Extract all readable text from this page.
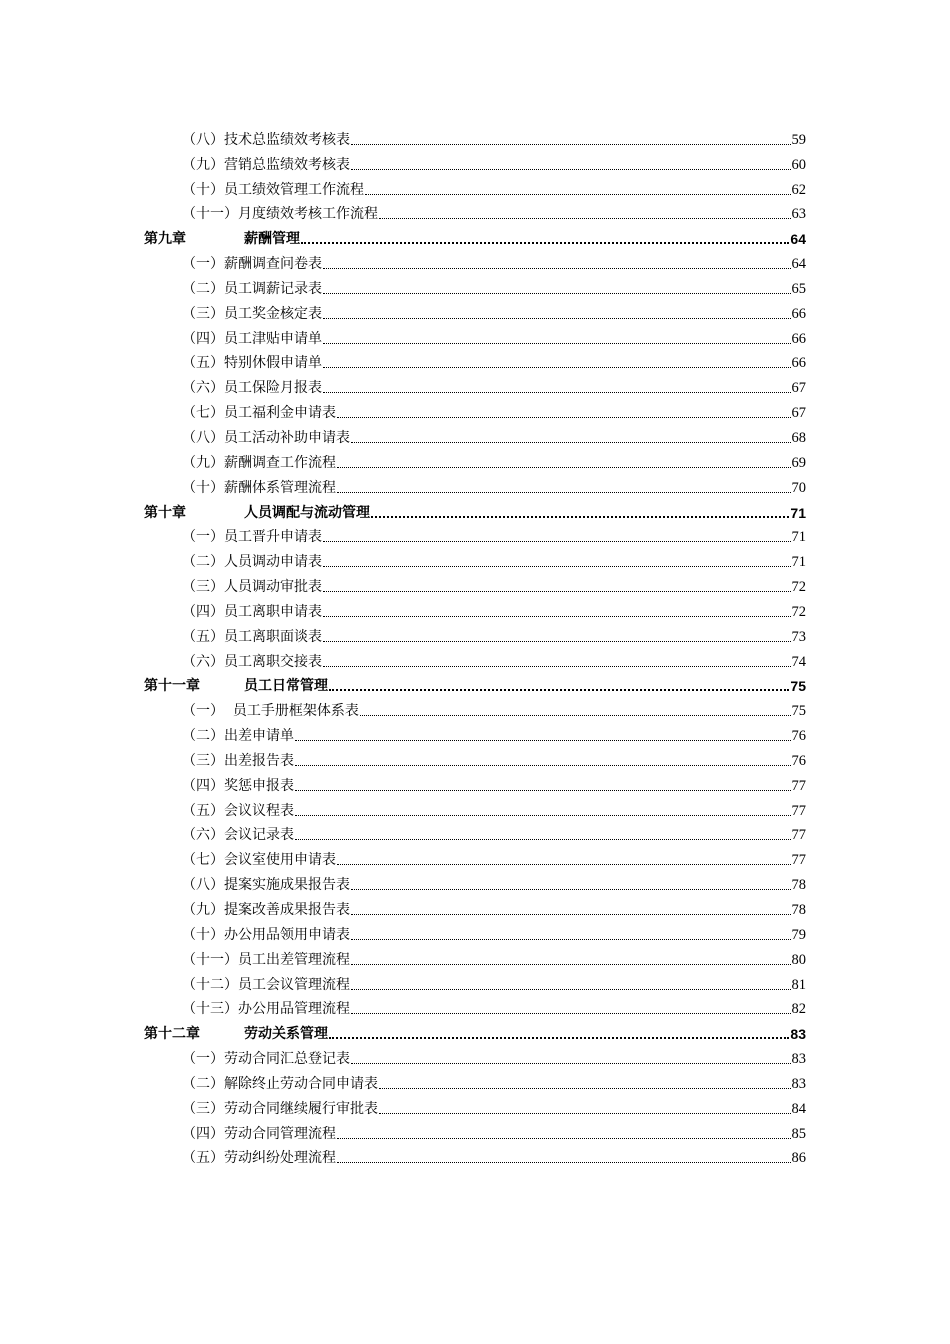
（八）技术总监绩效考核表	59
（九）营销总监绩效考核表	60
（十）员工绩效管理工作流程	62
（十一）月度绩效考核工作流程	63
第九章	薪酬管理	64
（一）薪酬调查问卷表	64
（二）员工调薪记录表	65
（三）员工奖金核定表	66
（四）员工津贴申请单	66
（五）特别休假申请单	66
（六）员工保险月报表	67
（七）员工福利金申请表	67
（八）员工活动补助申请表	68
（九）薪酬调查工作流程	69
（十）薪酬体系管理流程	70
第十章	人员调配与流动管理	71
（一）员工晋升申请表	71
（二）人员调动申请表	71
（三）人员调动审批表	72
（四）员工离职申请表	72
（五）员工离职面谈表	73
（六）员工离职交接表	74
第十一章	员工日常管理	75
（一）  员工手册框架体系表	75
（二）出差申请单	76
（三）出差报告表	76
（四）奖惩申报表	77
（五）会议议程表	77
（六）会议记录表	77
（七）会议室使用申请表	77
（八）提案实施成果报告表	78
（九）提案改善成果报告表	78
（十）办公用品领用申请表	79
（十一）员工出差管理流程	80
（十二）员工会议管理流程	81
（十三）办公用品管理流程	82
第十二章	劳动关系管理	83
（一）劳动合同汇总登记表	83
（二）解除终止劳动合同申请表	83
（三）劳动合同继续履行审批表	84
（四）劳动合同管理流程	85
（五）劳动纠纷处理流程	86
